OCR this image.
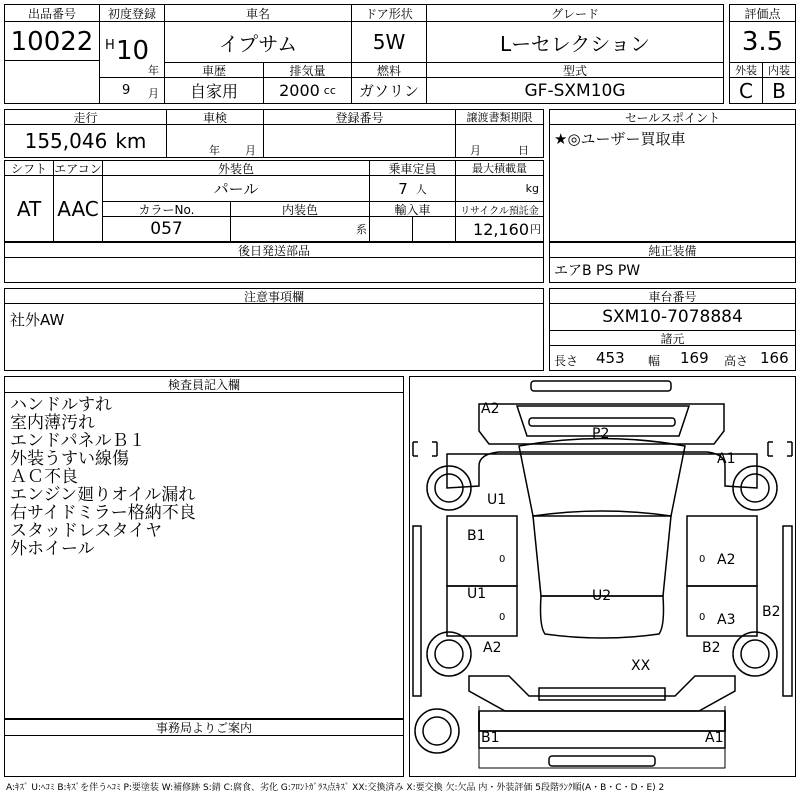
出品番号
10022
初度登録
H 10
年
9 月
車名
イプサム
ドア形状
5W
グレード
Lーセレクション
評価点
3.5
車歴
自家用
排気量
2000 cc
燃料
ガソリン
型式
GF-SXM10G
外装
C
内装
B
走行
155,046 km
車検
年 月
登録番号	譲渡書類期限
月	日
セールスポイント
★◎ユーザー買取車
シフト
AT
エアコン
AAC
外装色
パール
乗車定員
7 人
最大積載量
kg
カラーNo.
057
内装色
系
輸入車	リサイクル預託金
12,160 円
後日発送部品	純正装備
エアB PS PW
注意事項欄
社外AW
車台番号
SXM10-7078884
諸元
長さ 453 幅 169 高さ 166
検査員記入欄
ハンドルすれ
室内薄汚れ
エンドパネルＢ１
外装うすい線傷
ＡＣ不良
エンジン廻りオイル漏れ
右サイドミラー格納不良
スタッドレスタイヤ
外ホイール
事務局よりご案内
A2
P2
A1
U1
B1
A2
U1	U2
A3 B2
A2	B2
XX
B1	A1
0
0
0
0
A:ｷｽﾞ U:ﾍｺﾐ B:ｷｽﾞを伴うﾍｺﾐ P:要塗装 W:補修跡 S:錆 C:腐食、劣化 G:ﾌﾛﾝﾄｶﾞﾗｽ点ｷｽﾞ XX:交換済み X:要交換 欠:欠品 内・外装評価 5段階ﾗﾝｸ順(A・B・C・D・E) 2
